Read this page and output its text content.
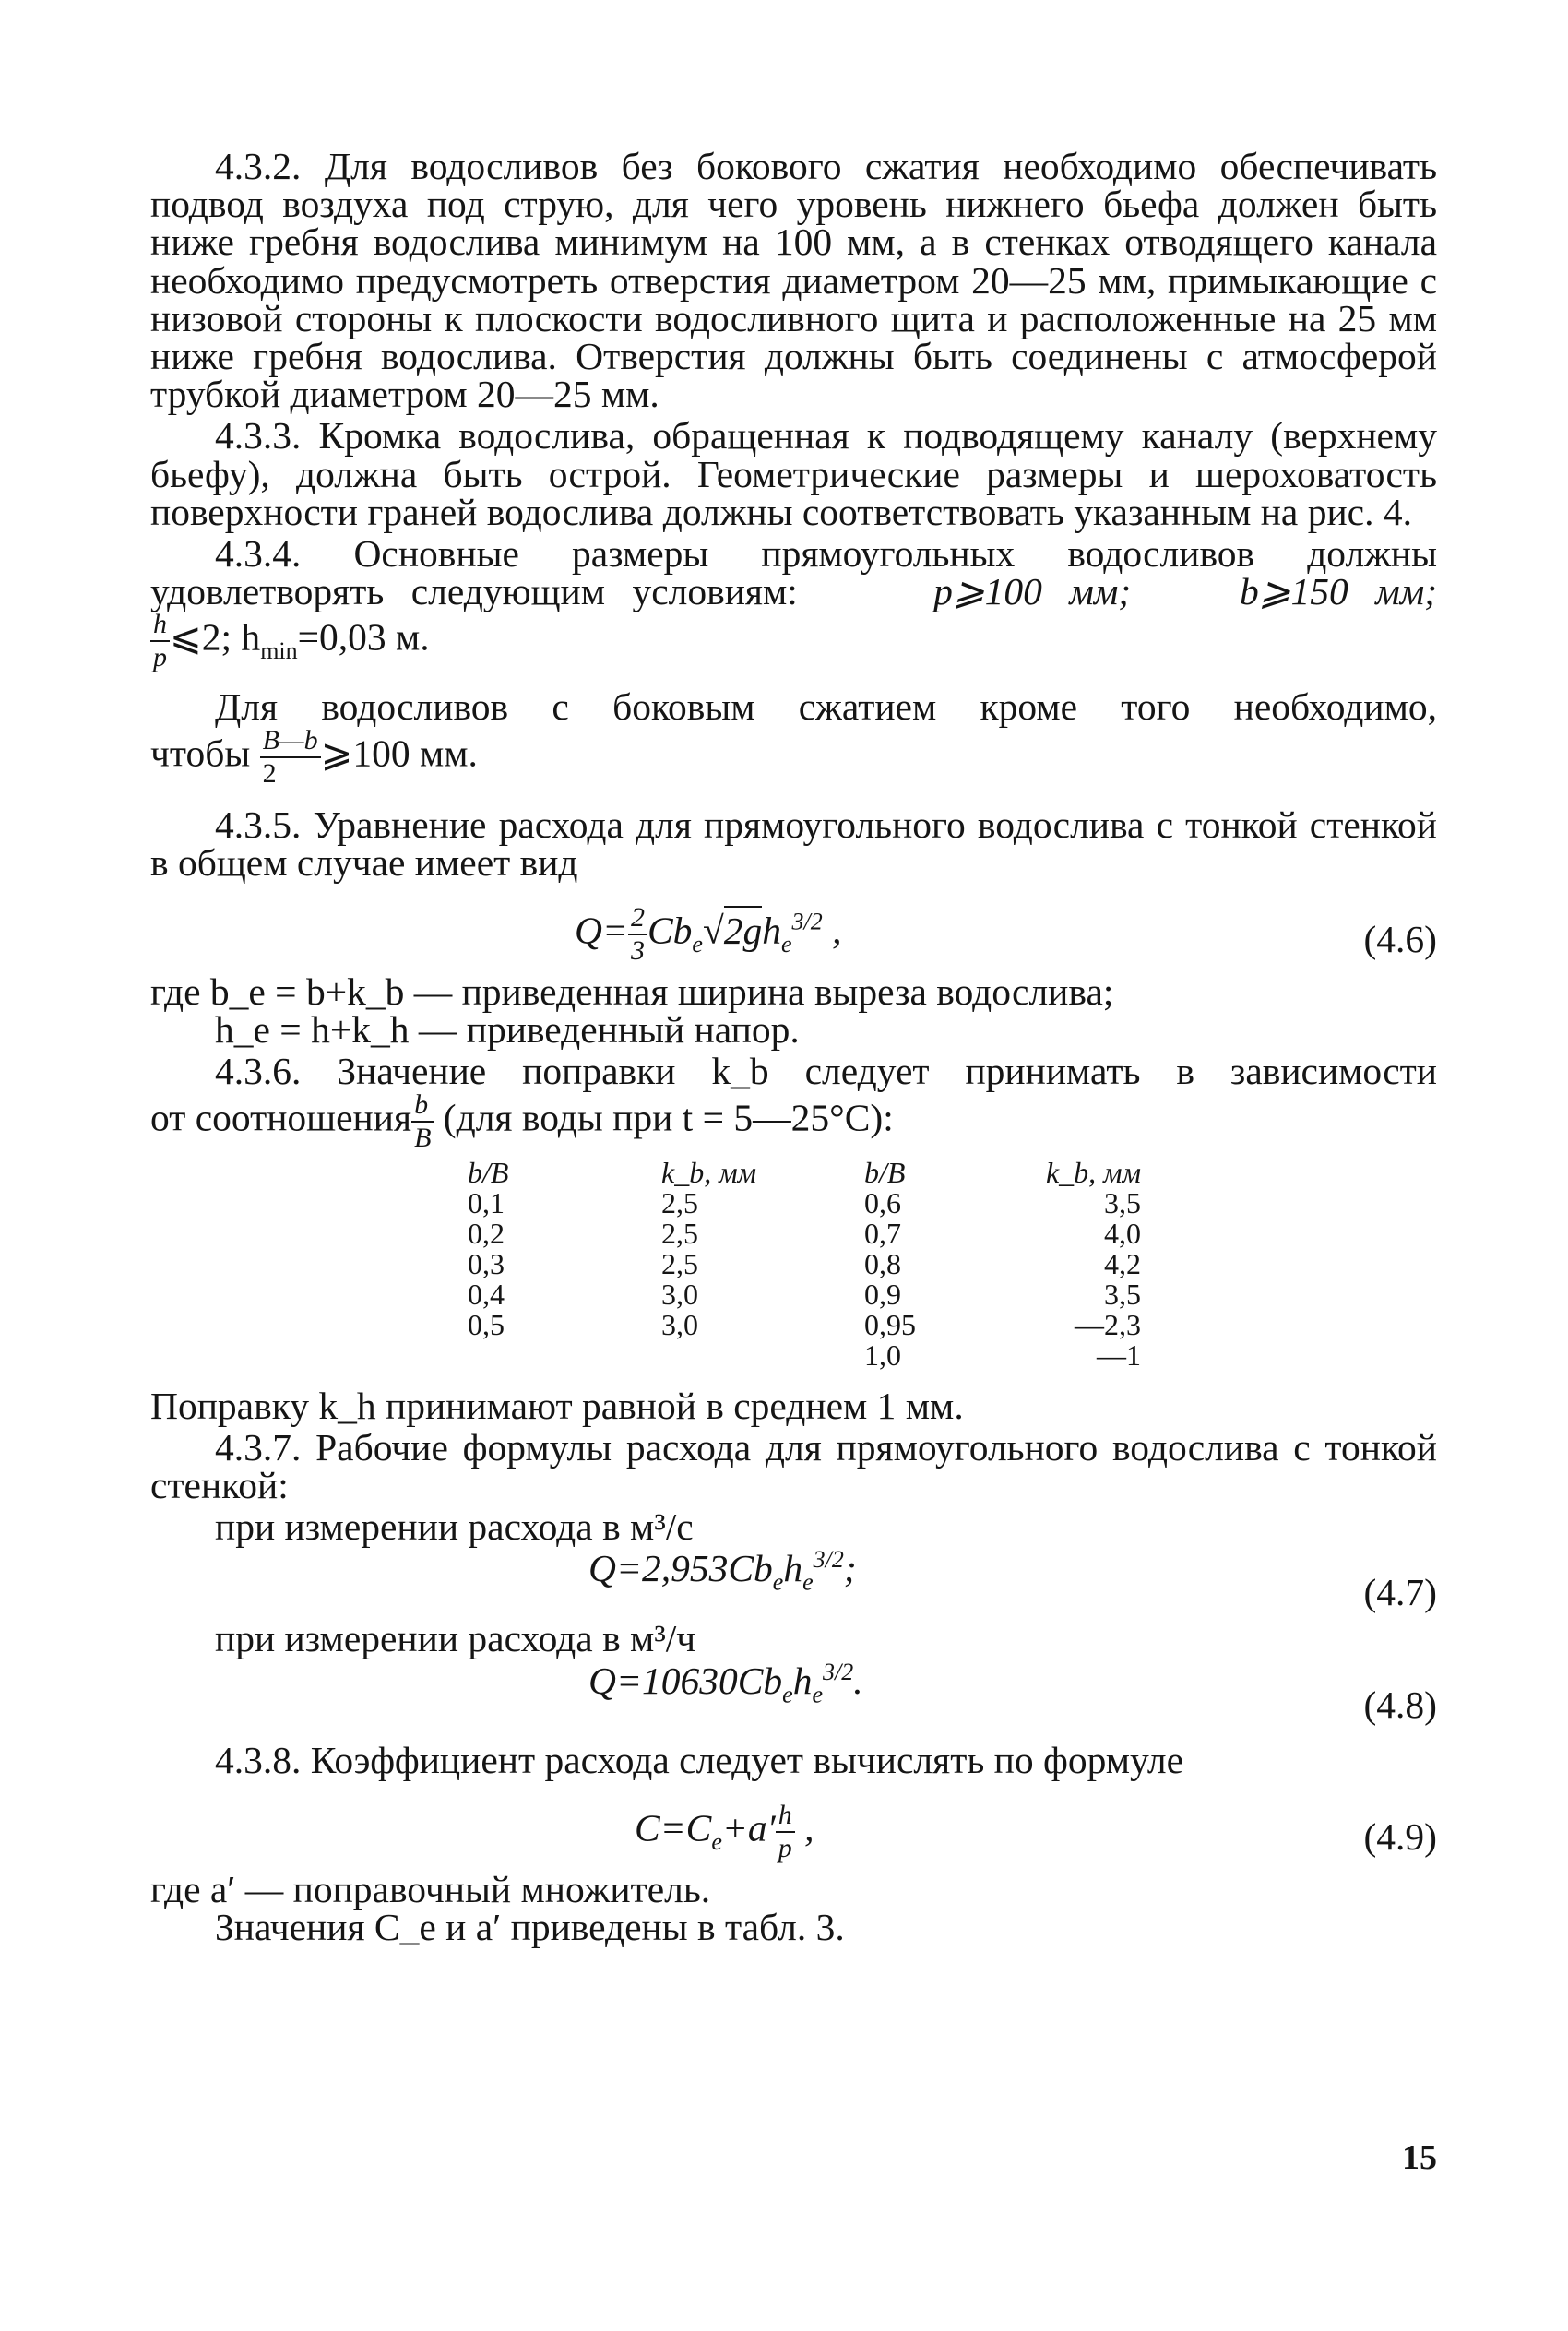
4.3.2. Для водосливов без бокового сжатия необходимо обеспечивать подвод воздуха под струю, для чего уровень нижнего бьефа должен быть ниже гребня водослива минимум на 100 мм, а в стенках отводящего канала необходимо предусмотреть отверстия диаметром 20—25 мм, примыкающие с низовой стороны к плоскости водосливного щита и расположенные на 25 мм ниже гребня водослива. Отверстия должны быть соединены с атмосферой трубкой диаметром 20—25 мм.

4.3.3. Кромка водослива, обращенная к подводящему каналу (верхнему бьефу), должна быть острой. Геометрические размеры и шероховатость поверхности граней водослива должны соответствовать указанным на рис. 4.

4.3.4. Основные размеры прямоугольных водосливов должны удовлетворять следующим условиям:	p⩾100 мм;	b⩾150 мм;

$\frac{h}{p}$ ⩽2; $h_{min}=0,03$ м.

Для водосливов с боковым сжатием кроме того необходимо,

чтобы $\frac{B—b}{2}$ ⩾100 мм.

4.3.5. Уравнение расхода для прямоугольного водослива с тонкой стенкой в общем случае имеет вид

$Q= \frac{2}{3} Cb_e√2gh_e^{3/2}$ ,	(4.6)

где b_e = b+k_b — приведенная ширина выреза водослива;

h_e = h+k_h — приведенный напор.

4.3.6. Значение поправки k_b следует принимать в зависимости

от соотношения $\frac{b}{B} (для$ воды при t = 5—25°C):

b/B	k_b, мм	b/B	k_b, мм
0,1	2,5	0,6	3,5
0,2	2,5	0,7	4,0
0,3	2,5	0,8	4,2
0,4	3,0	0,9	3,5
0,5	3,0	0,95	—2,3
		1,0	—1

Поправку k_h принимают равной в среднем 1 мм.

4.3.7. Рабочие формулы расхода для прямоугольного водослива с тонкой стенкой:

при измерении расхода в м³/с

$Q=2,953Cb_eh_e^{3/2}$;
(4.7)

при измерении расхода в м³/ч

$Q=10630Cb_eh_e^{3/2}$.
(4.8)

4.3.8. Коэффициент расхода следует вычислять по формуле

$C=C_e+a' \frac{h}{p}$ ,	(4.9)

где a′ — поправочный множитель.

Значения C_e и a′ приведены в табл. 3.

15
